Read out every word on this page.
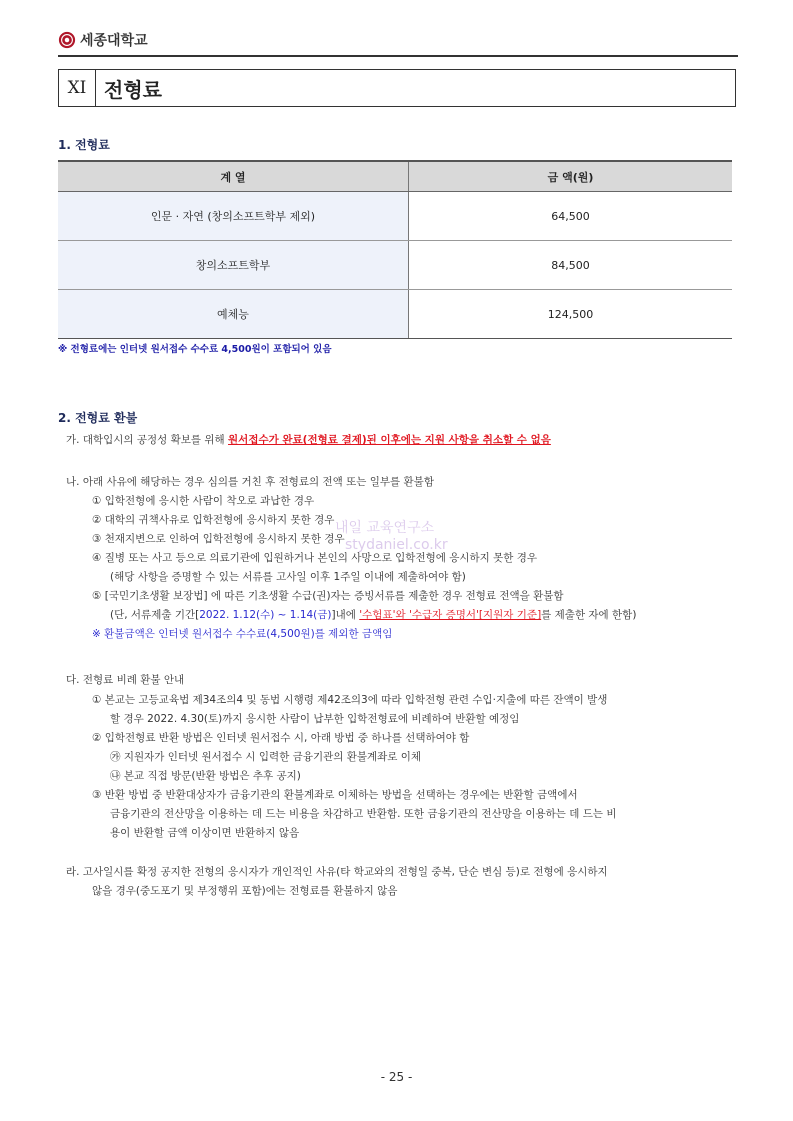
세종대학교
XI 전형료
1. 전형료
계 열	금 액(원)
인문 · 자연 (창의소프트학부 제외)	64,500
창의소프트학부	84,500
예체능	124,500
※ 전형료에는 인터넷 원서접수 수수료 4,500원이 포함되어 있음
2. 전형료 환불
가. 대학입시의 공정성 확보를 위해 원서접수가 완료(전형료 결제)된 이후에는 지원 사항을 취소할 수 없음
나. 아래 사유에 해당하는 경우 심의를 거친 후 전형료의 전액 또는 일부를 환불함
① 입학전형에 응시한 사람이 착오로 과납한 경우
② 대학의 귀책사유로 입학전형에 응시하지 못한 경우
③ 천재지변으로 인하여 입학전형에 응시하지 못한 경우
④ 질병 또는 사고 등으로 의료기관에 입원하거나 본인의 사망으로 입학전형에 응시하지 못한 경우
(해당 사항을 증명할 수 있는 서류를 고사일 이후 1주일 이내에 제출하여야 함)
⑤ [국민기초생활 보장법] 에 따른 기초생활 수급(권)자는 증빙서류를 제출한 경우 전형료 전액을 환불함
(단, 서류제출 기간[2022. 1.12(수) ~ 1.14(금)]내에 '수험표'와 '수급자 증명서'[지원자 기준]를 제출한 자에 한함)
※ 환불금액은 인터넷 원서접수 수수료(4,500원)를 제외한 금액임
다. 전형료 비례 환불 안내
① 본교는 고등교육법 제34조의4 및 동법 시행령 제42조의3에 따라 입학전형 관련 수입·지출에 따른 잔액이 발생
할 경우 2022. 4.30(토)까지 응시한 사람이 납부한 입학전형료에 비례하여 반환할 예정임
② 입학전형료 반환 방법은 인터넷 원서접수 시, 아래 방법 중 하나를 선택하여야 함
㉮ 지원자가 인터넷 원서접수 시 입력한 금융기관의 환불계좌로 이체
㉯ 본교 직접 방문(반환 방법은 추후 공지)
③ 반환 방법 중 반환대상자가 금융기관의 환불계좌로 이체하는 방법을 선택하는 경우에는 반환할 금액에서
금융기관의 전산망을 이용하는 데 드는 비용을 차감하고 반환함. 또한 금융기관의 전산망을 이용하는 데 드는 비
용이 반환할 금액 이상이면 반환하지 않음
라. 고사일시를 확정 공지한 전형의 응시자가 개인적인 사유(타 학교와의 전형일 중복, 단순 변심 등)로 전형에 응시하지
않을 경우(중도포기 및 부정행위 포함)에는 전형료를 환불하지 않음
내일 교육연구소
stydaniel.co.kr
- 25 -
